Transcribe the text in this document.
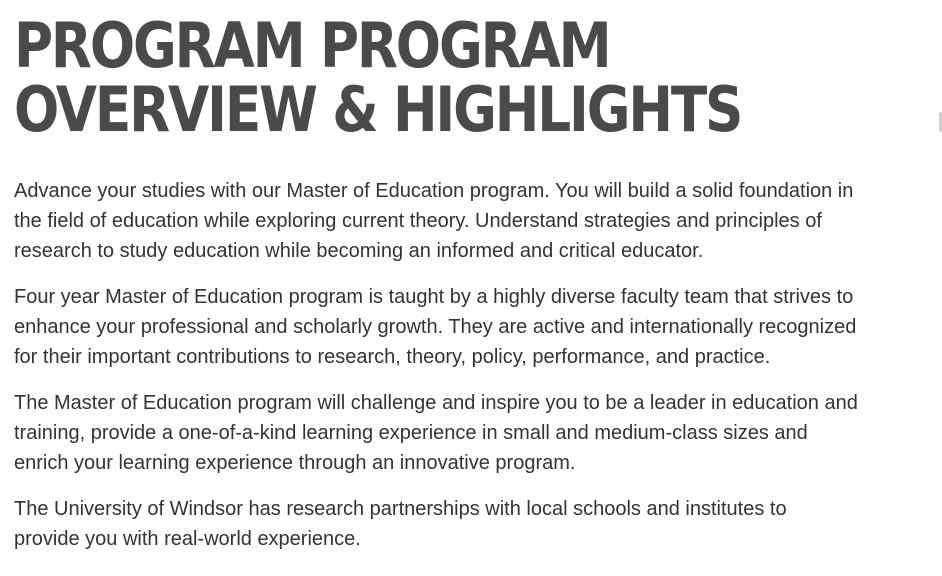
PROGRAM PROGRAM
OVERVIEW & HIGHLIGHTS

Advance your studies with our Master of Education program. You will build a solid foundation in
the field of education while exploring current theory. Understand strategies and principles of
research to study education while becoming an informed and critical educator.

Four year Master of Education program is taught by a highly diverse faculty team that strives to
enhance your professional and scholarly growth. They are active and internationally recognized
for their important contributions to research, theory, policy, performance, and practice.

The Master of Education program will challenge and inspire you to be a leader in education and
training, provide a one-of-a-kind learning experience in small and medium-class sizes and
enrich your learning experience through an innovative program.

The University of Windsor has research partnerships with local schools and institutes to
provide you with real-world experience.
